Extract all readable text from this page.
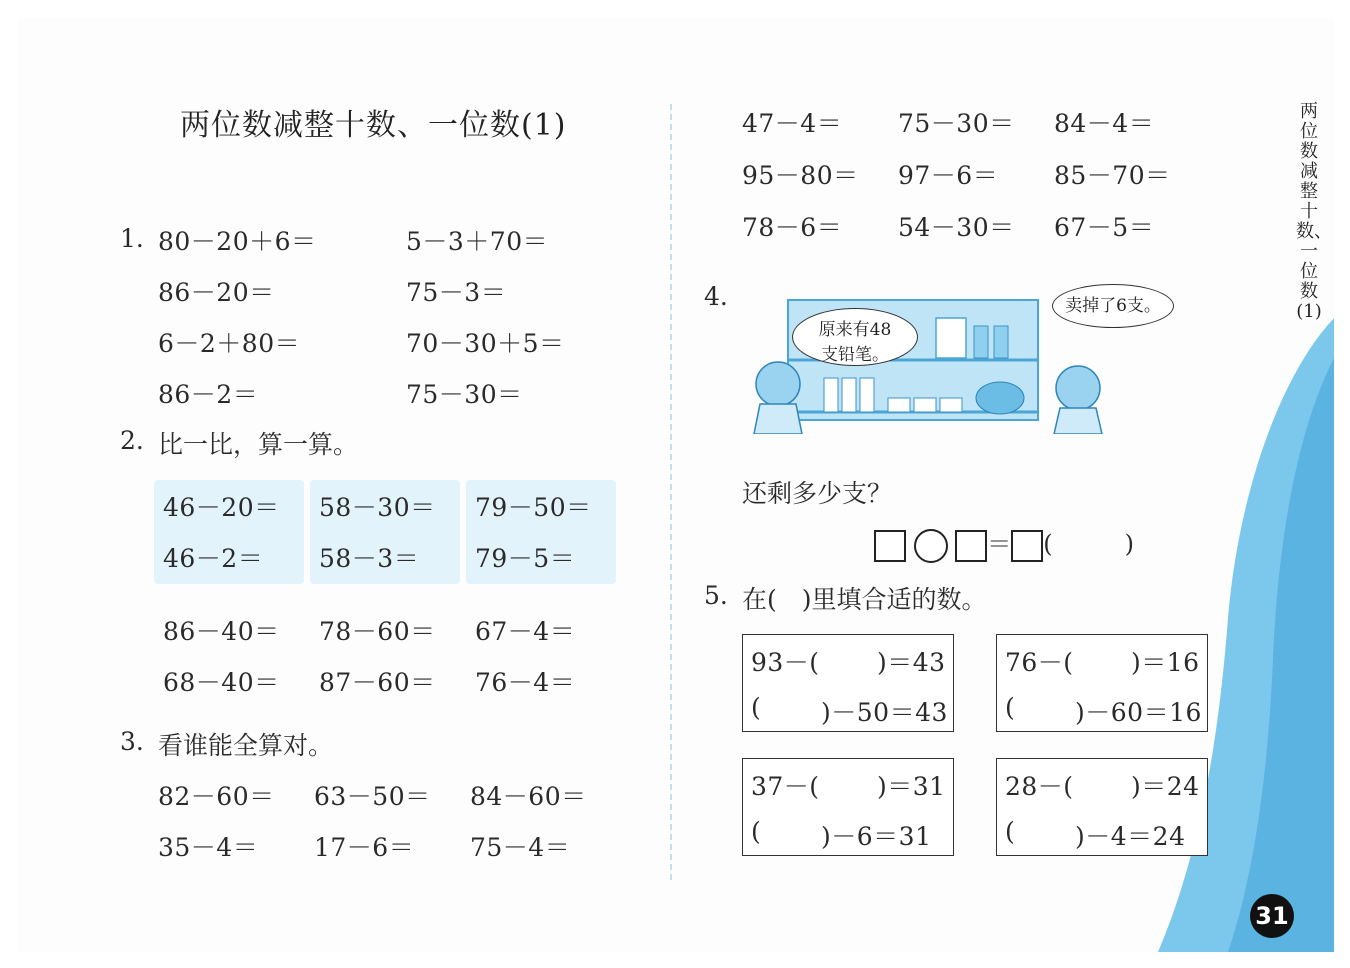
两位数减整十数、一位数(1)
1. 80－20＋6＝	5－3＋70＝
86－20＝	75－3＝
6－2＋80＝	70－30＋5＝
86－2＝	75－30＝
2. 比一比，算一算。
46－20＝ 58－30＝ 79－50＝
46－2＝ 58－3＝ 79－5＝
86－40＝ 78－60＝ 67－4＝
68－40＝ 87－60＝ 76－4＝
3. 看谁能全算对。
82－60＝ 63－50＝ 84－60＝
35－4＝ 17－6＝ 75－4＝
47－4＝ 75－30＝ 84－4＝
95－80＝ 97－6＝ 85－70＝
78－6＝ 54－30＝ 67－5＝
4.
原来有48
支铅笔。
卖掉了6支。
还剩多少支？
＝ (　　　)
5. 在(　)里填合适的数。
93－( )＝43
( )－50＝43
76－( )＝16
( )－60＝16
37－( )＝31
( )－6＝31
28－( )＝24
( )－4＝24
两位数减整十数、一位数(1)
31
